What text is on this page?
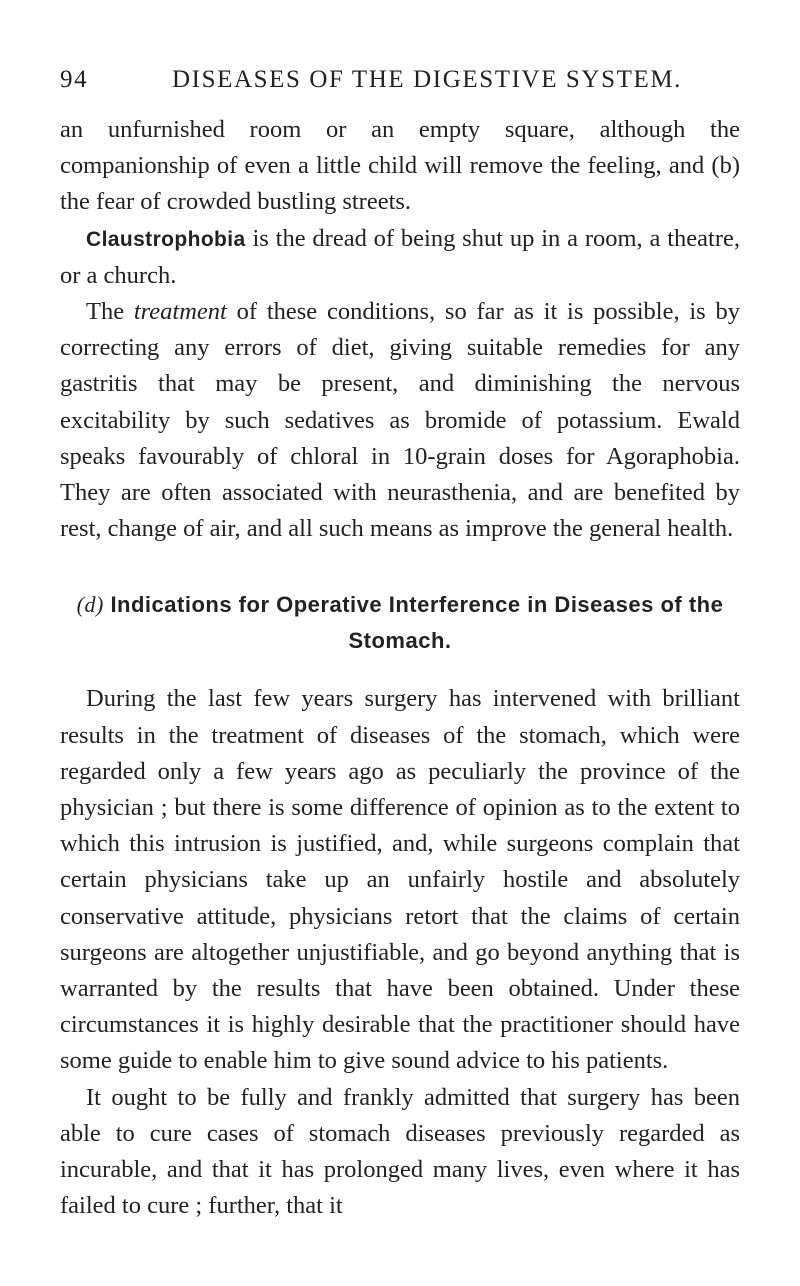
94	DISEASES OF THE DIGESTIVE SYSTEM.

an unfurnished room or an empty square, although the companionship of even a little child will remove the feeling, and (b) the fear of crowded bustling streets.

Claustrophobia is the dread of being shut up in a room, a theatre, or a church.

The treatment of these conditions, so far as it is possible, is by correcting any errors of diet, giving suitable remedies for any gastritis that may be present, and diminishing the nervous excitability by such sedatives as bromide of potassium. Ewald speaks favourably of chloral in 10-grain doses for Agoraphobia. They are often associated with neurasthenia, and are benefited by rest, change of air, and all such means as improve the general health.

(d) Indications for Operative Interference in Diseases of the Stomach.

During the last few years surgery has intervened with brilliant results in the treatment of diseases of the stomach, which were regarded only a few years ago as peculiarly the province of the physician ; but there is some difference of opinion as to the extent to which this intrusion is justified, and, while surgeons complain that certain physicians take up an unfairly hostile and absolutely conservative attitude, physicians retort that the claims of certain surgeons are altogether unjustifiable, and go beyond anything that is warranted by the results that have been obtained. Under these circumstances it is highly desirable that the practitioner should have some guide to enable him to give sound advice to his patients.

It ought to be fully and frankly admitted that surgery has been able to cure cases of stomach diseases previously regarded as incurable, and that it has prolonged many lives, even where it has failed to cure ; further, that it
